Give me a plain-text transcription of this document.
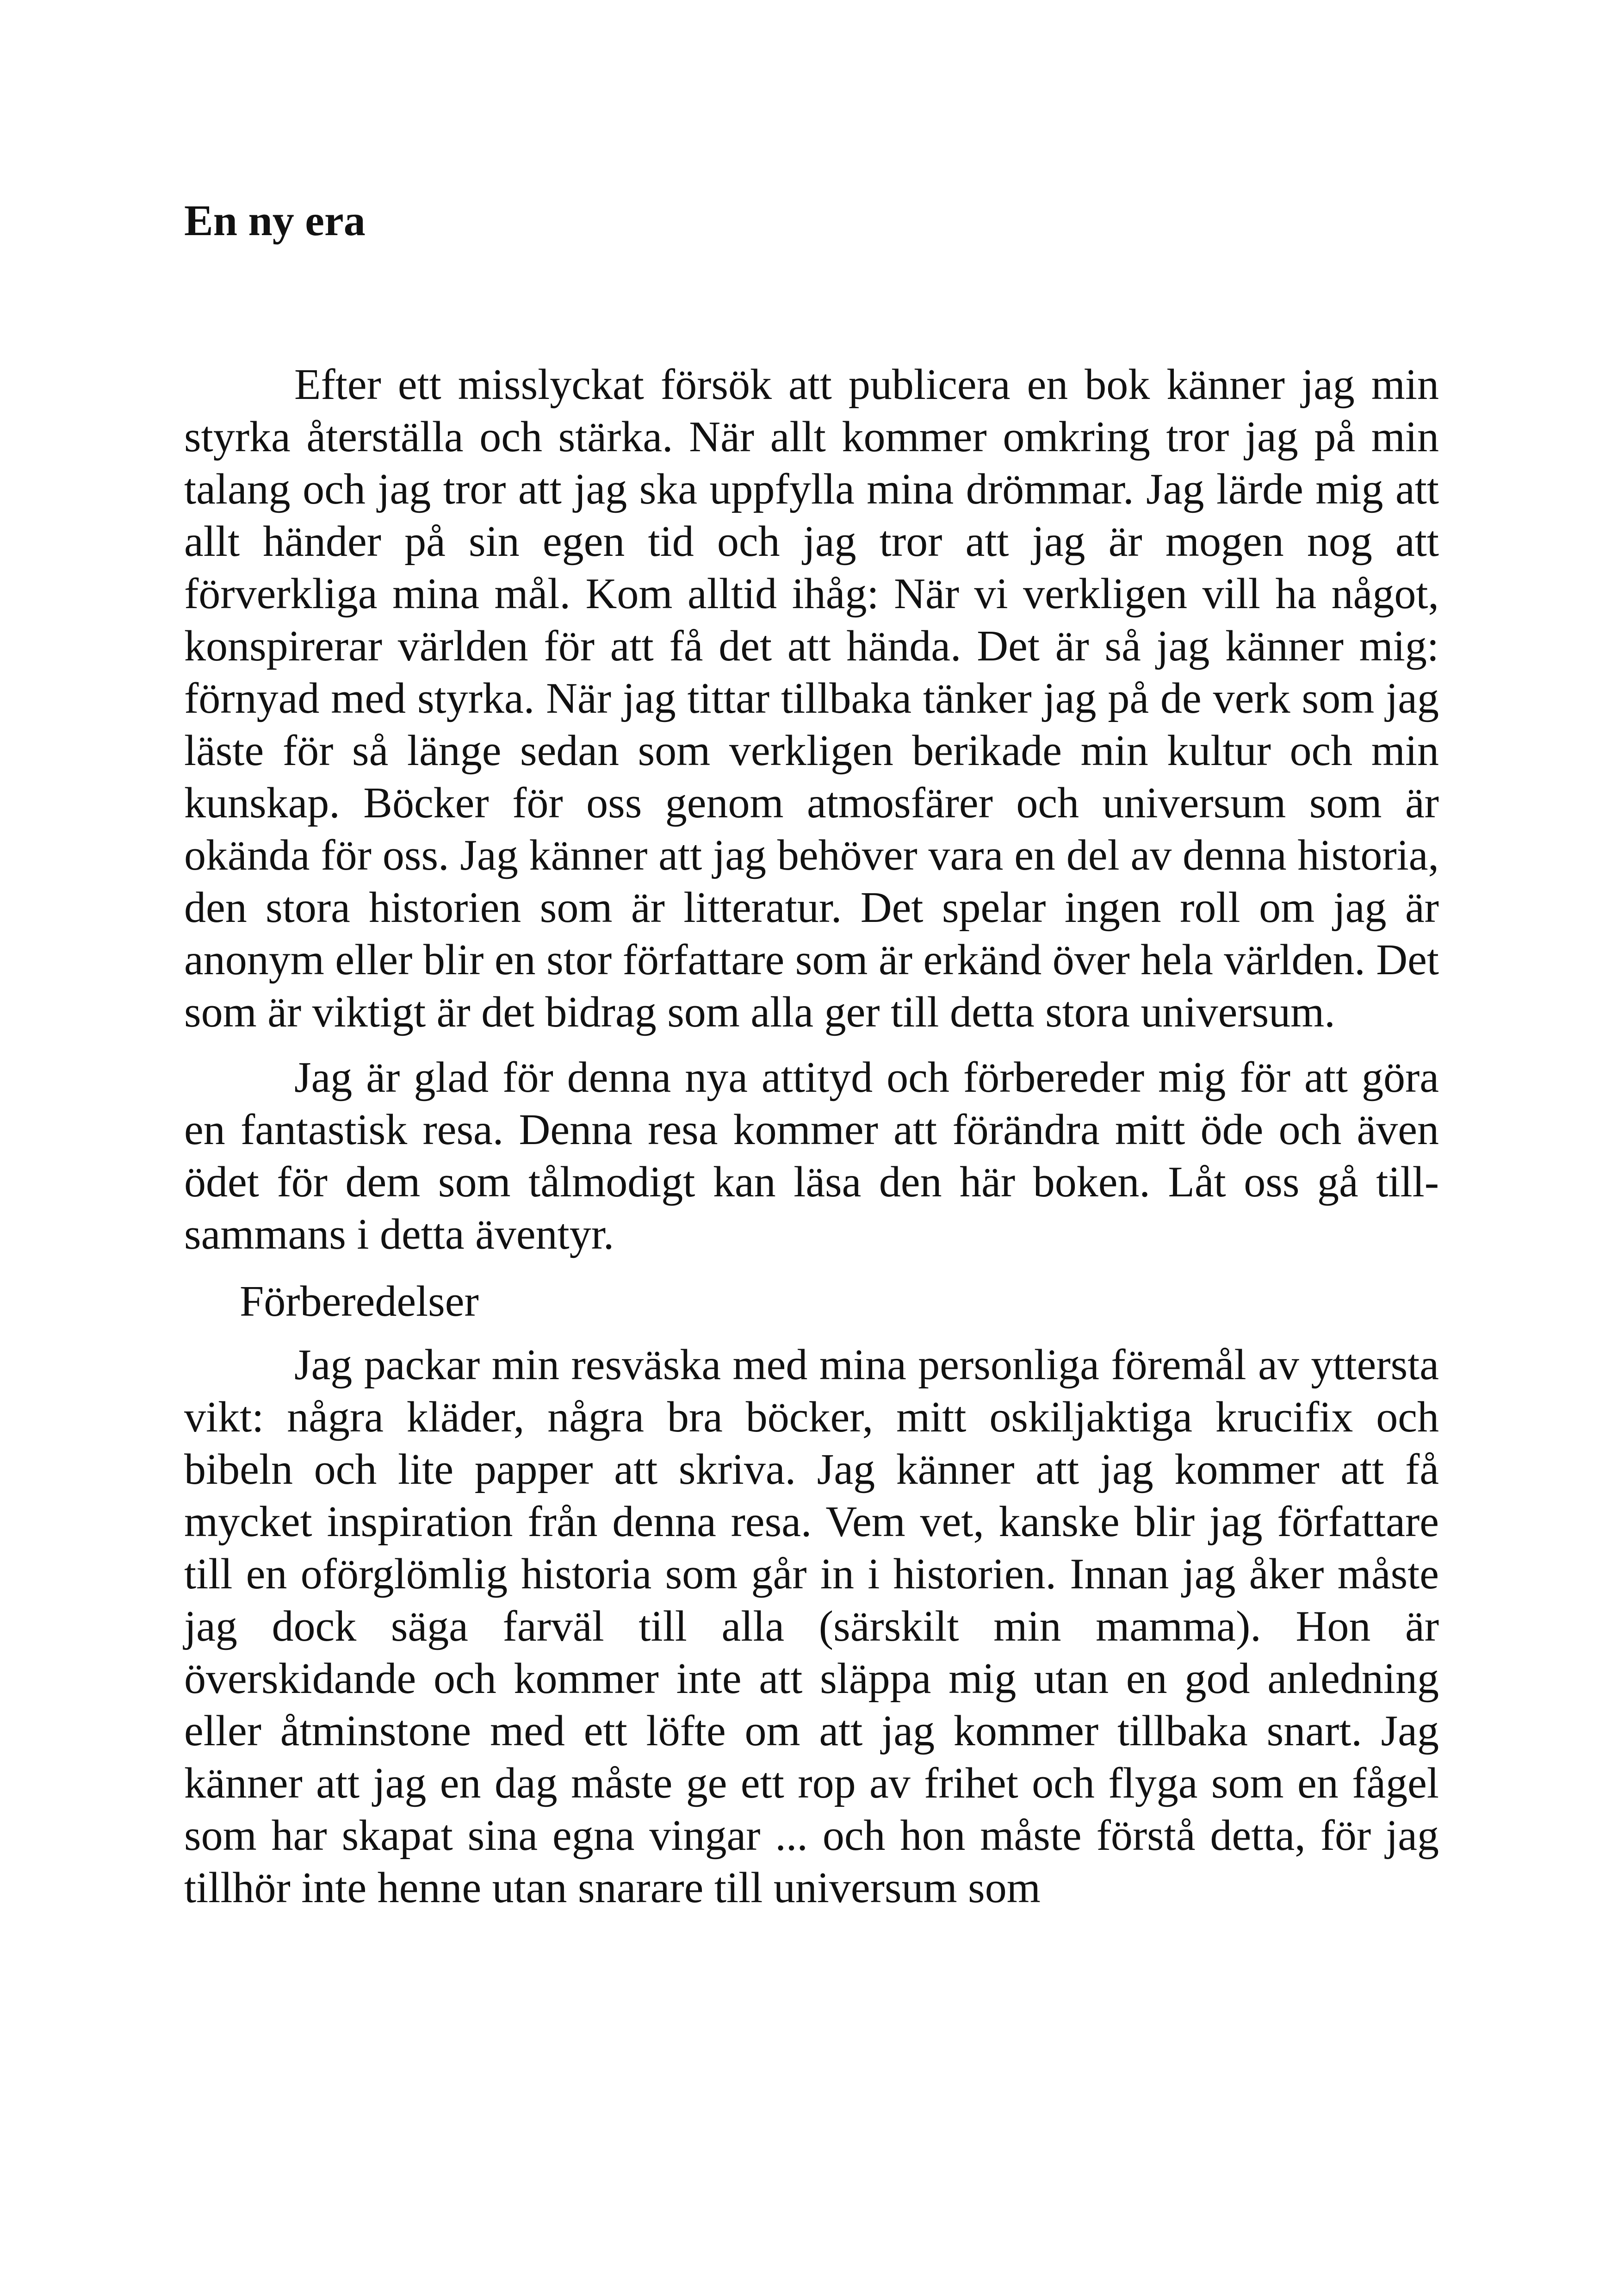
En ny era

Efter ett misslyckat försök att publicera en bok känner jag min styrka återställa och stärka. När allt kommer omkring tror jag på min talang och jag tror att jag ska uppfylla mina drömmar. Jag lärde mig att allt händer på sin egen tid och jag tror att jag är mogen nog att förverkliga mina mål. Kom alltid ihåg: När vi verkligen vill ha något, konspirerar världen för att få det att hända. Det är så jag känner mig: förnyad med styrka. När jag tittar tillbaka tänker jag på de verk som jag läste för så länge sedan som verkligen berikade min kultur och min kunskap. Böcker för oss genom atmosfärer och universum som är okända för oss. Jag känner att jag behöver vara en del av denna historia, den stora historien som är litteratur. Det spelar ingen roll om jag är anonym eller blir en stor författare som är erkänd över hela världen. Det som är viktigt är det bidrag som alla ger till detta stora universum.

Jag är glad för denna nya attityd och förbereder mig för att göra en fantastisk resa. Denna resa kommer att förändra mitt öde och även ödet för dem som tålmodigt kan läsa den här boken. Låt oss gå tillsammans i detta äventyr.

Förberedelser

Jag packar min resväska med mina personliga föremål av yttersta vikt: några kläder, några bra böcker, mitt oskiljaktiga krucifix och bibeln och lite papper att skriva. Jag känner att jag kommer att få mycket inspiration från denna resa. Vem vet, kanske blir jag författare till en oförglömlig historia som går in i historien. Innan jag åker måste jag dock säga farväl till alla (särskilt min mamma). Hon är överskidande och kommer inte att släppa mig utan en god anledning eller åtminstone med ett löfte om att jag kommer tillbaka snart. Jag känner att jag en dag måste ge ett rop av frihet och flyga som en fågel som har skapat sina egna vingar ... och hon måste förstå detta, för jag tillhör inte henne utan snarare till universum som
